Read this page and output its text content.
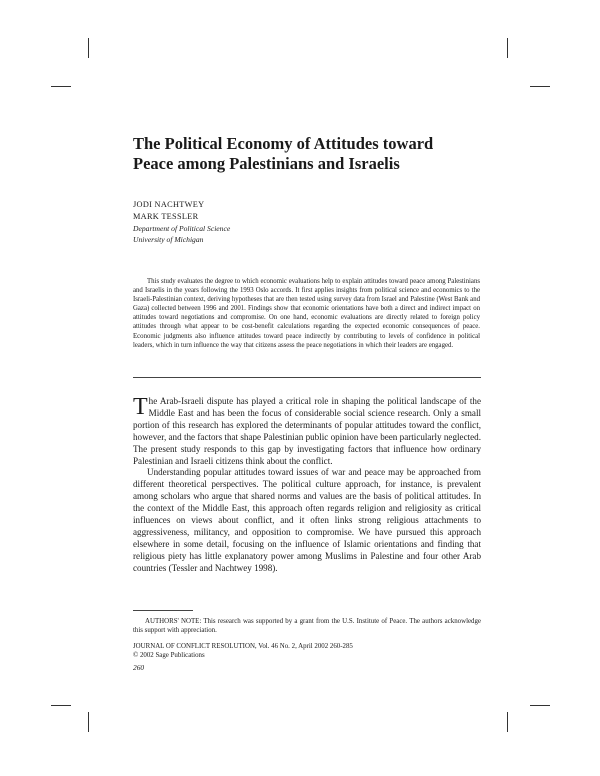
The Political Economy of Attitudes toward
Peace among Palestinians and Israelis
JODI NACHTWEY
MARK TESSLER
Department of Political Science
University of Michigan

This study evaluates the degree to which economic evaluations help to explain attitudes toward peace among Palestinians and Israelis in the years following the 1993 Oslo accords. It first applies insights from political science and economics to the Israeli-Palestinian context, deriving hypotheses that are then tested using survey data from Israel and Palestine (West Bank and Gaza) collected between 1996 and 2001. Findings show that economic orientations have both a direct and indirect impact on attitudes toward negotiations and compromise. On one hand, economic evaluations are directly related to foreign policy attitudes through what appear to be cost-benefit calculations regarding the expected economic consequences of peace. Economic judgments also influence attitudes toward peace indirectly by contributing to levels of confidence in political leaders, which in turn influence the way that citizens assess the peace negotiations in which their leaders are engaged.

The Arab-Israeli dispute has played a critical role in shaping the political landscape of the Middle East and has been the focus of considerable social science research. Only a small portion of this research has explored the determinants of popular attitudes toward the conflict, however, and the factors that shape Palestinian public opinion have been particularly neglected. The present study responds to this gap by investigating factors that influence how ordinary Palestinian and Israeli citizens think about the conflict.

Understanding popular attitudes toward issues of war and peace may be approached from different theoretical perspectives. The political culture approach, for instance, is prevalent among scholars who argue that shared norms and values are the basis of political attitudes. In the context of the Middle East, this approach often regards religion and religiosity as critical influences on views about conflict, and it often links strong religious attachments to aggressiveness, militancy, and opposition to compromise. We have pursued this approach elsewhere in some detail, focusing on the influence of Islamic orientations and finding that religious piety has little explanatory power among Muslims in Palestine and four other Arab countries (Tessler and Nachtwey 1998).

AUTHORS' NOTE: This research was supported by a grant from the U.S. Institute of Peace. The authors acknowledge this support with appreciation.

JOURNAL OF CONFLICT RESOLUTION, Vol. 46 No. 2, April 2002 260-285
© 2002 Sage Publications
260
